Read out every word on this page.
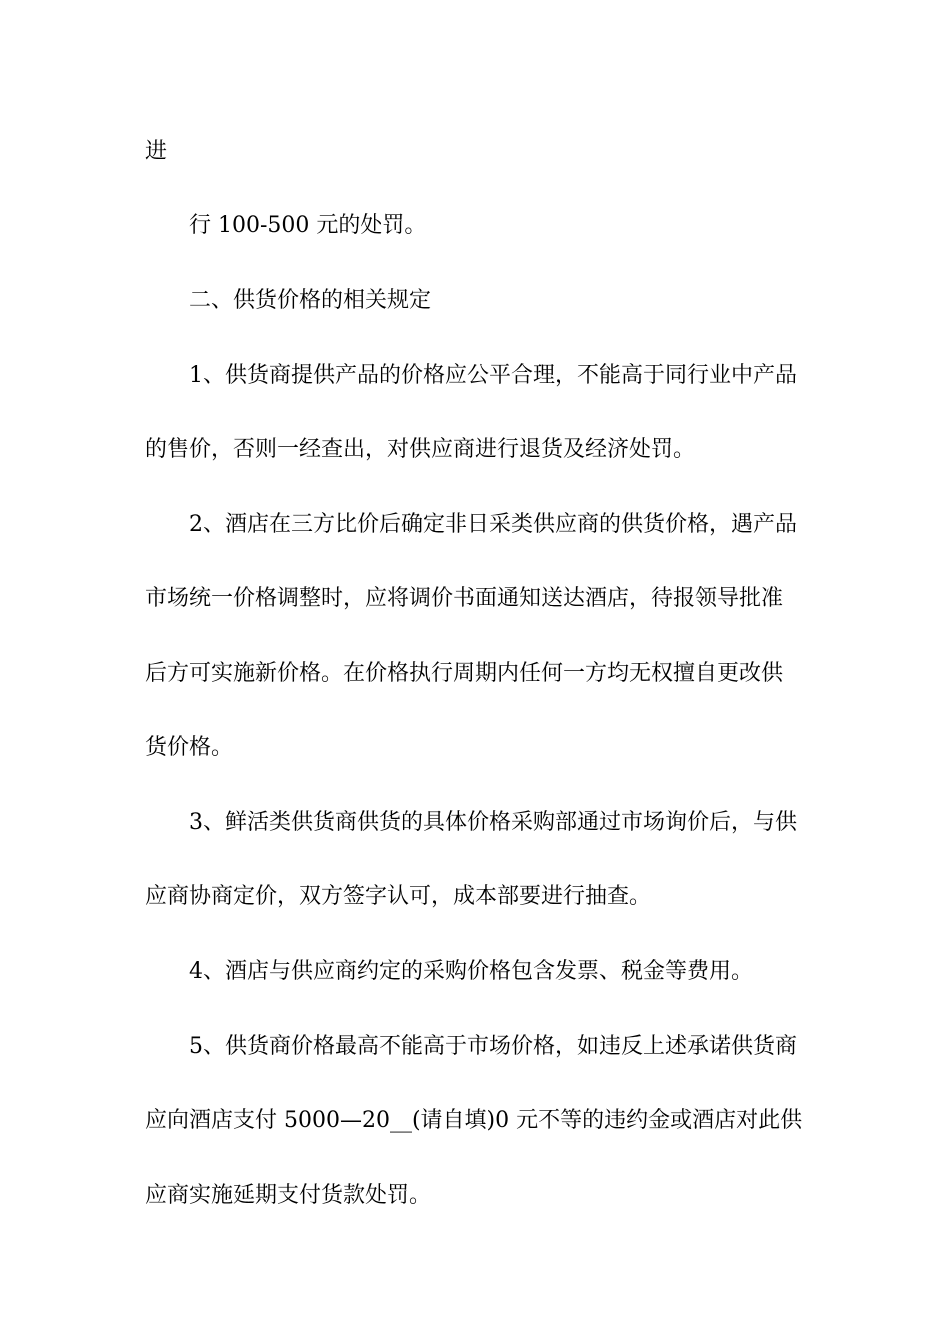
进

行 100-500 元的处罚。

二、供货价格的相关规定

1、供货商提供产品的价格应公平合理，不能高于同行业中产品

的售价，否则一经查出，对供应商进行退货及经济处罚。

2、酒店在三方比价后确定非日采类供应商的供货价格，遇产品

市场统一价格调整时，应将调价书面通知送达酒店，待报领导批准

后方可实施新价格。在价格执行周期内任何一方均无权擅自更改供

货价格。

3、鲜活类供货商供货的具体价格采购部通过市场询价后，与供

应商协商定价，双方签字认可，成本部要进行抽查。

4、酒店与供应商约定的采购价格包含发票、税金等费用。

5、供货商价格最高不能高于市场价格，如违反上述承诺供货商

应向酒店支付 5000—20__(请自填)0 元不等的违约金或酒店对此供

应商实施延期支付货款处罚。
